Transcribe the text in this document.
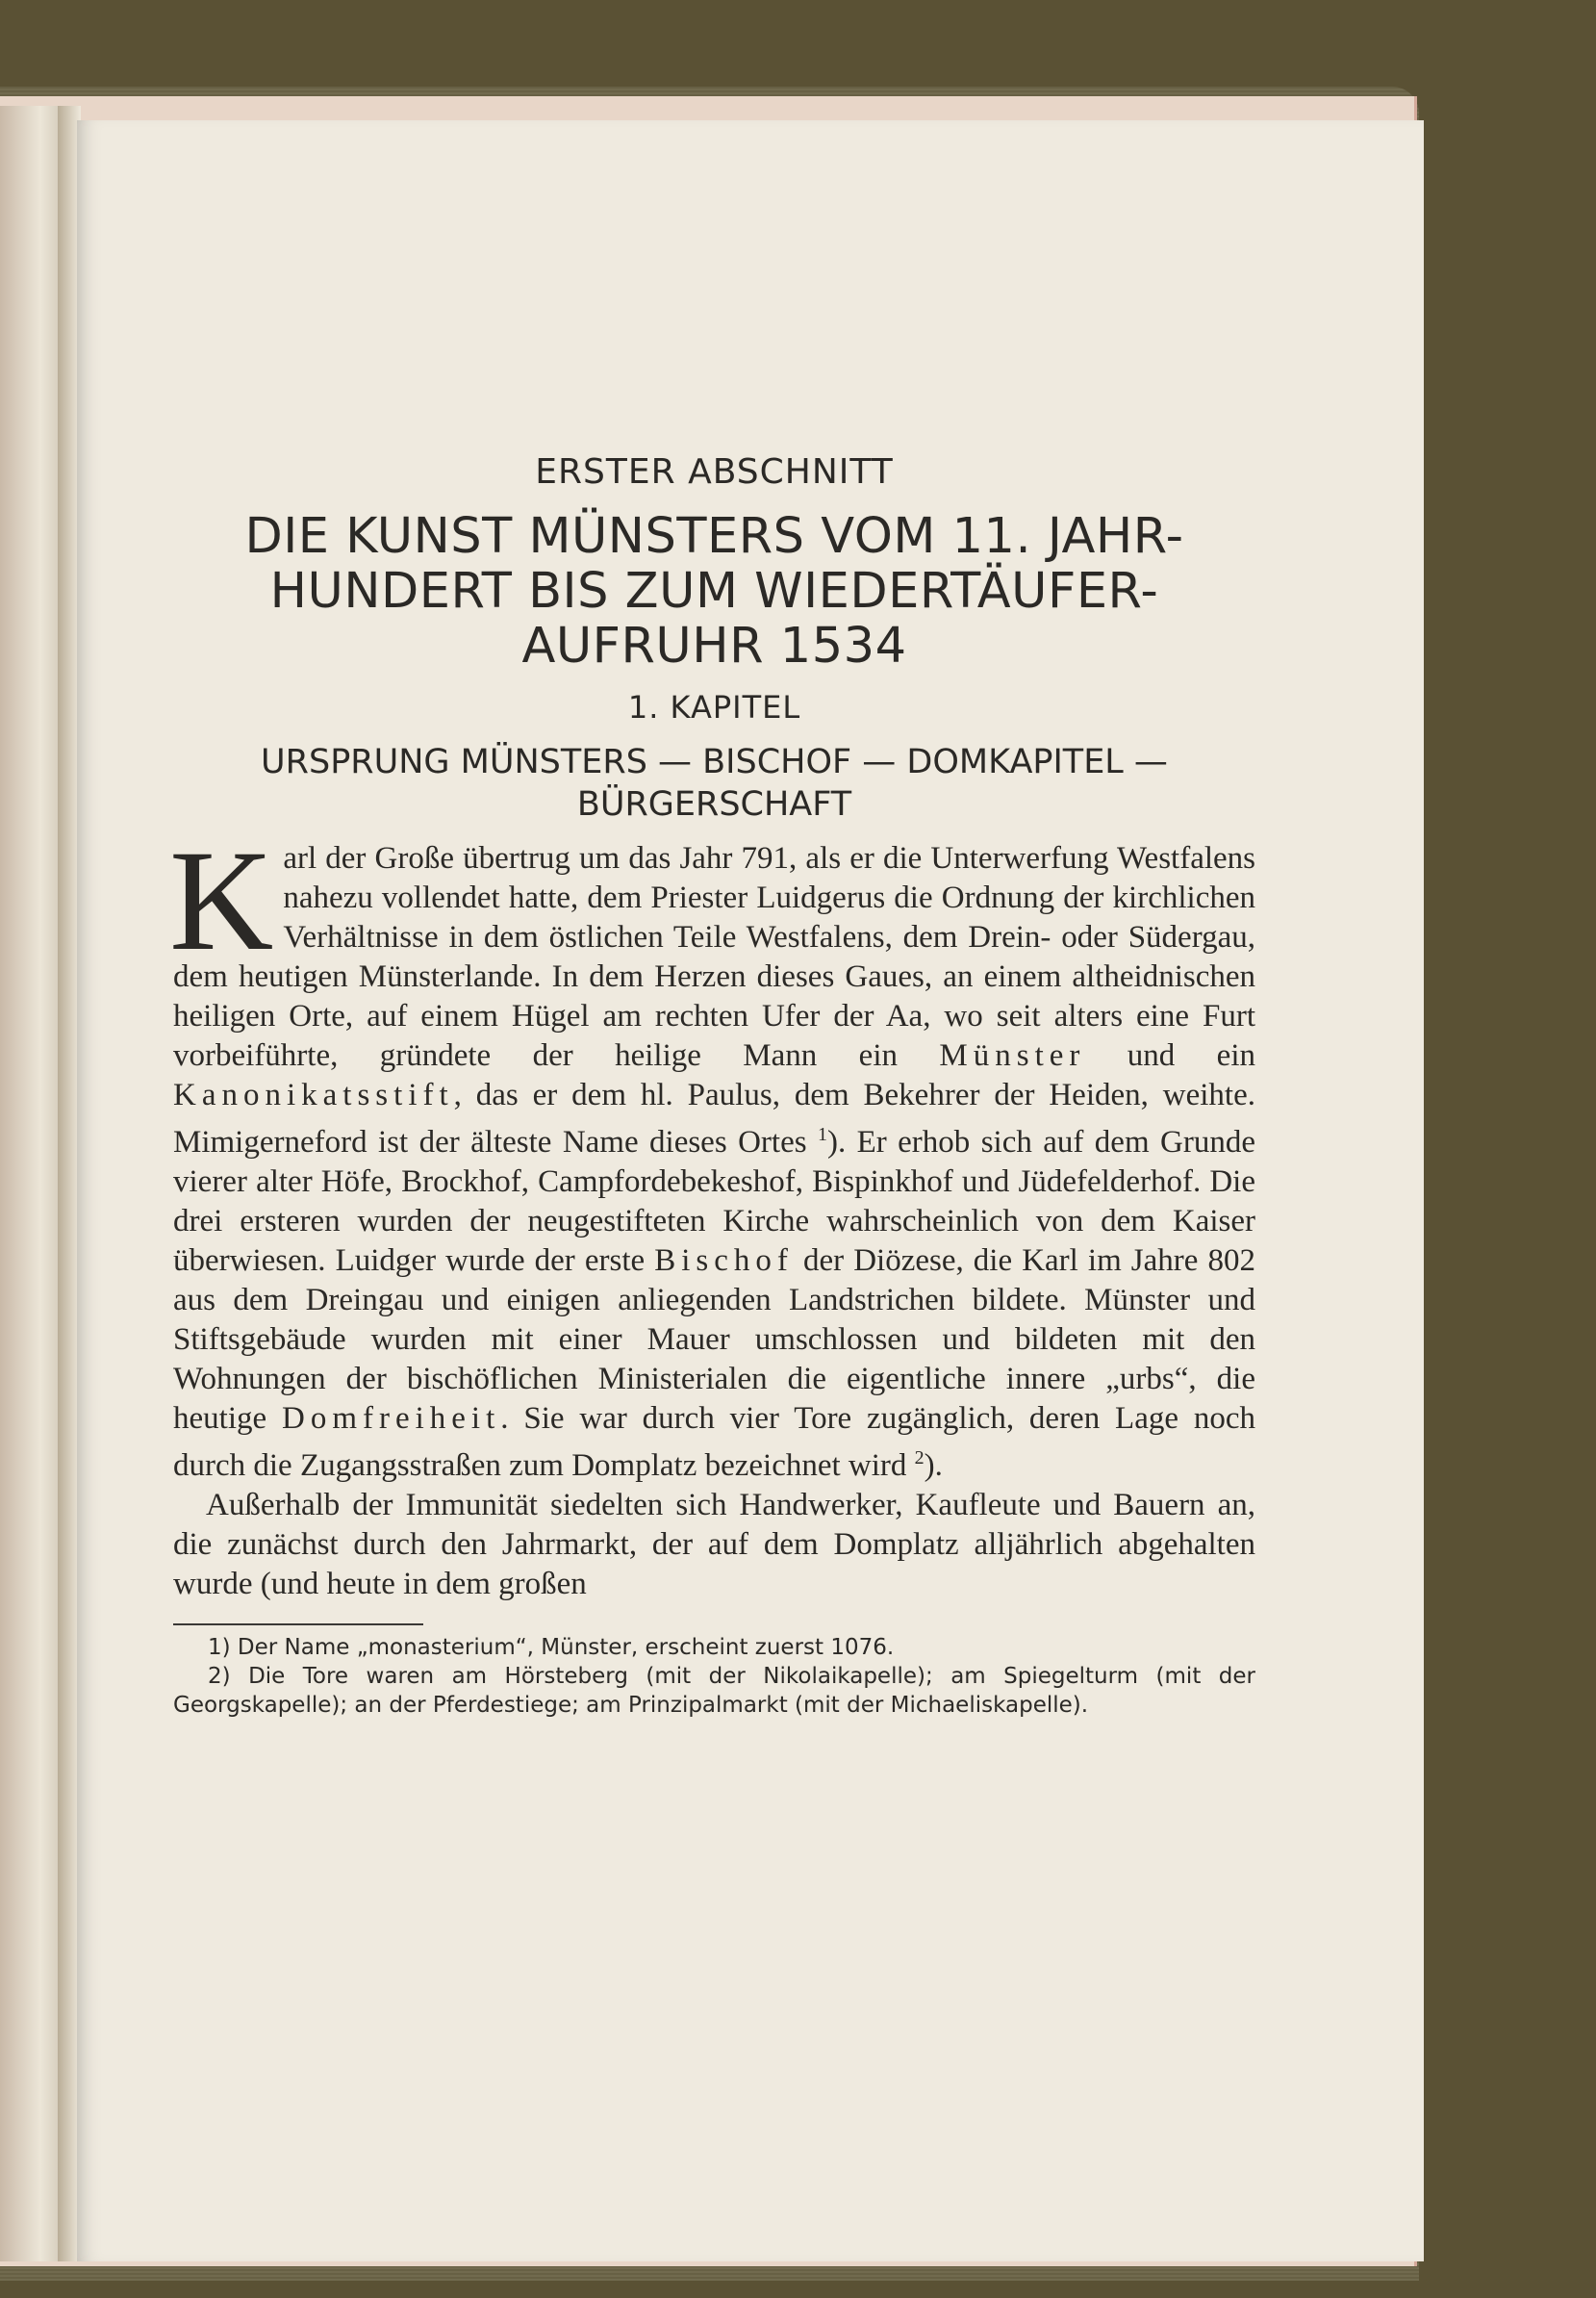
ERSTER ABSCHNITT
DIE KUNST MÜNSTERS VOM 11. JAHR-
HUNDERT BIS ZUM WIEDERTÄUFER-
AUFRUHR 1534
1. KAPITEL
URSPRUNG MÜNSTERS — BISCHOF — DOMKAPITEL —
BÜRGERSCHAFT

Karl der Große übertrug um das Jahr 791, als er die Unterwerfung Westfalens nahezu vollendet hatte, dem Priester Luidgerus die Ordnung der kirchlichen Verhältnisse in dem östlichen Teile Westfalens, dem Drein- oder Südergau, dem heutigen Münsterlande. In dem Herzen dieses Gaues, an einem altheidnischen heiligen Orte, auf einem Hügel am rechten Ufer der Aa, wo seit alters eine Furt vorbeiführte, gründete der heilige Mann ein Münster und ein Kanonikatsstift, das er dem hl. Paulus, dem Bekehrer der Heiden, weihte. Mimigerneford ist der älteste Name dieses Ortes $^1$). Er erhob sich auf dem Grunde vierer alter Höfe, Brockhof, Campfordebekeshof, Bispinkhof und Jüdefelderhof. Die drei ersteren wurden der neugestifteten Kirche wahrscheinlich von dem Kaiser überwiesen. Luidger wurde der erste Bischof der Diözese, die Karl im Jahre 802 aus dem Dreingau und einigen anliegenden Landstrichen bildete. Münster und Stiftsgebäude wurden mit einer Mauer umschlossen und bildeten mit den Wohnungen der bischöflichen Ministerialen die eigentliche innere „urbs“, die heutige Domfreiheit. Sie war durch vier Tore zugänglich, deren Lage noch durch die Zugangsstraßen zum Domplatz bezeichnet wird $^2$).

Außerhalb der Immunität siedelten sich Handwerker, Kaufleute und Bauern an, die zunächst durch den Jahrmarkt, der auf dem Domplatz alljährlich abgehalten wurde (und heute in dem großen

1) Der Name „monasterium“, Münster, erscheint zuerst 1076.

2) Die Tore waren am Hörsteberg (mit der Nikolaikapelle); am Spiegelturm (mit der Georgskapelle); an der Pferdestiege; am Prinzipalmarkt (mit der Michaeliskapelle).
